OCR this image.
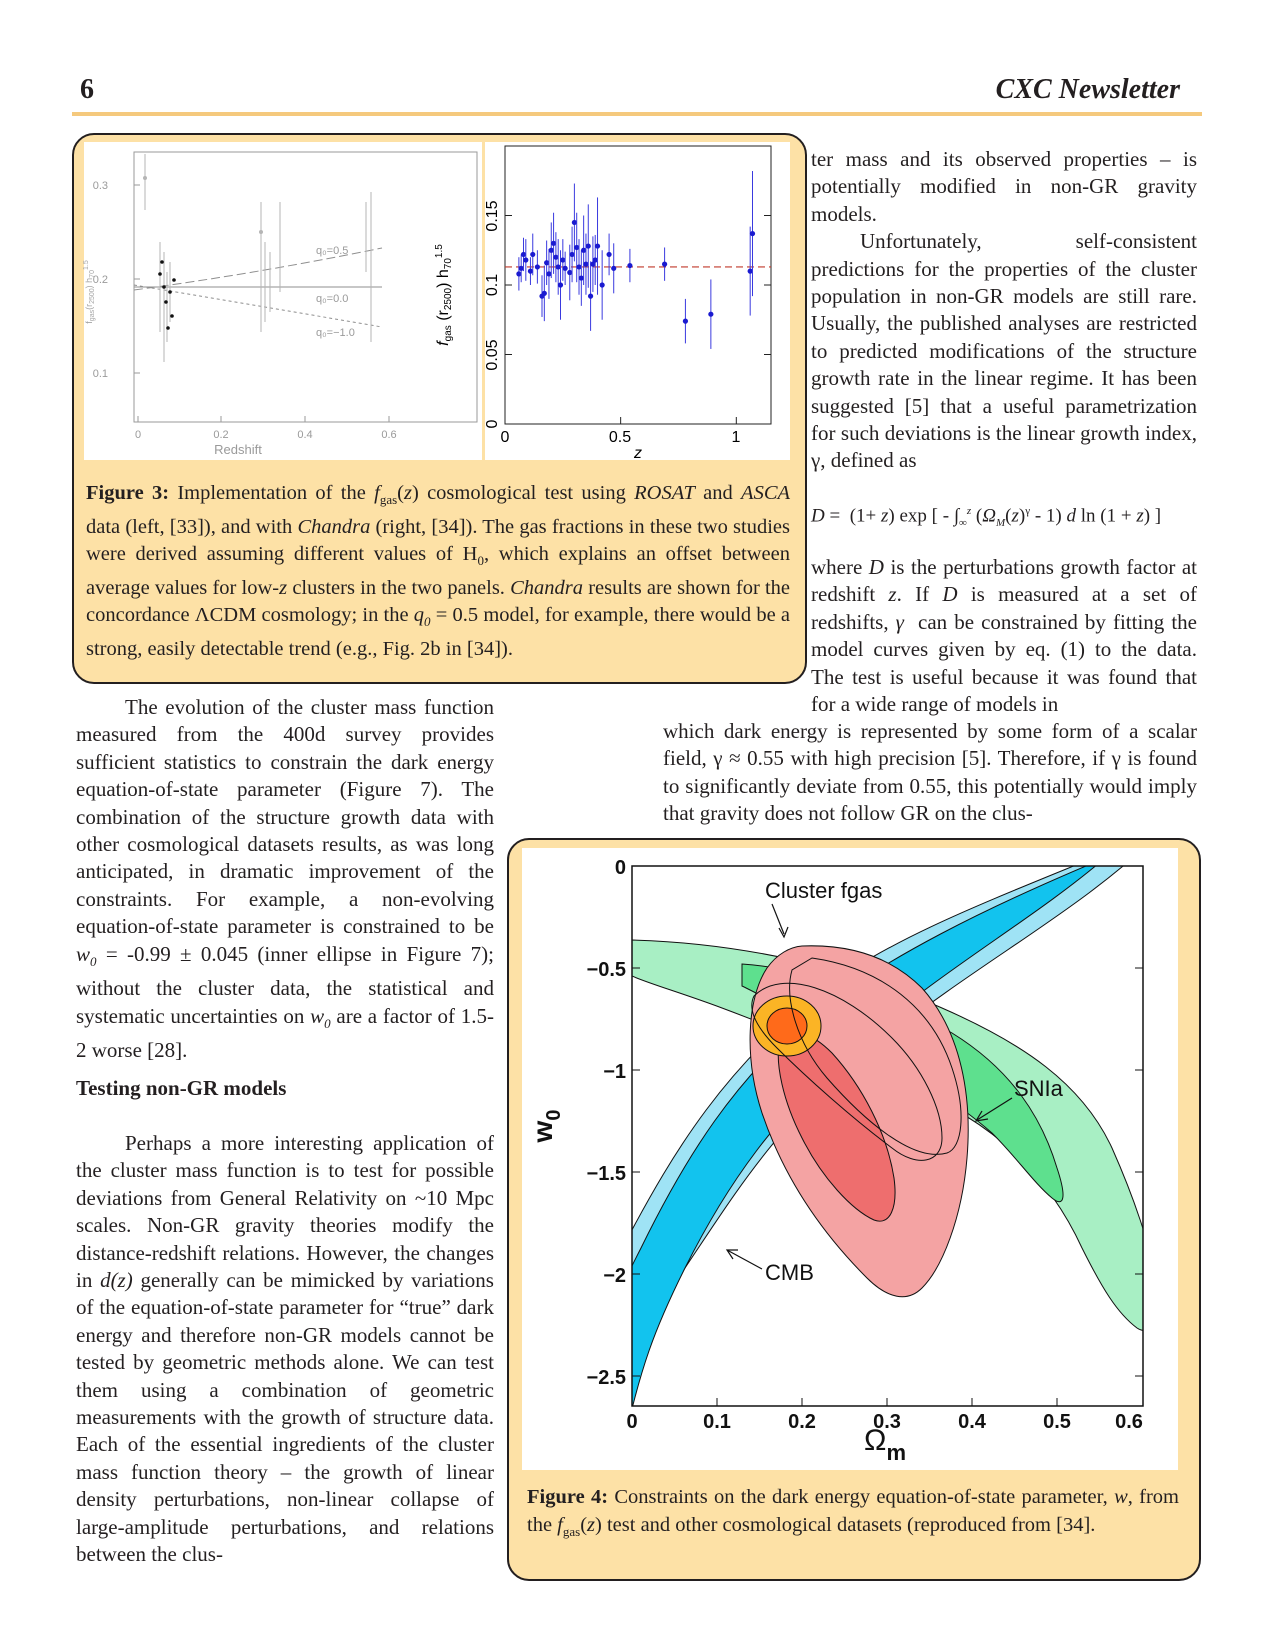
6	CXC Newsletter
0	0.2	0.4	0.6
0.1
0.2
0.3
Redshift
$f_{gas}(r_{2500})$ $h_{70}^{1.5}$
q₀=0.5
q₀=0.0
q₀=−1.0
0	0.5	1
z
0
0.05
0.1
0.15
fgas (r2500) $h70^{1.5}$
Figure 3: Implementation of the $f_{gas}(z)$ cosmological test using ROSAT and ASCA data (left, [33]), and with Chandra (right, [34]). The gas fractions in these two studies were derived assuming different values of $H_0$, which explains an offset between average values for low-z clusters in the two panels. Chandra results are shown for the concordance ΛCDM cosmology; in the $q_0 = 0.5$ model, for example, there would be a strong, easily detectable trend (e.g., Fig. 2b in [34]).

ter mass and its observed properties – is potentially modified in non-GR gravity models.

Unfortunately, self-consistent predictions for the properties of the cluster population in non-GR models are still rare. Usually, the published analyses are restricted to predicted modifications of the structure growth rate in the linear regime. It has been suggested [5] that a useful parametrization for such deviations is the linear growth index, γ, defined as

D =  (1+ z) exp [ - $\int_\infty^z$ $(\Omega_M(z)^\gamma - 1)$ d ln (1 + z) ]

where D is the perturbations growth factor at redshift z. If D is measured at a set of redshifts, γ  can be constrained by fitting the model curves given by eq. (1) to the data. The test is useful because it was found that for a wide range of models in

which dark energy is represented by some form of a scalar field, γ ≈ 0.55 with high precision [5]. Therefore, if γ is found to significantly deviate from 0.55, this potentially would imply that gravity does not follow GR on the clus-

The evolution of the cluster mass function measured from the 400d survey provides sufficient statistics to constrain the dark energy equation-of-state parameter (Figure 7). The combination of the structure growth data with other cosmological datasets results, as was long anticipated, in dramatic improvement of the constraints. For example, a non-evolving equation-of-state parameter is constrained to be $w_0 = -0.99 \pm 0.045$ (inner ellipse in Figure 7); without the cluster data, the statistical and systematic uncertainties on $w_0$ are a factor of 1.5-2 worse [28].

Testing non-GR models

Perhaps a more interesting application of the cluster mass function is to test for possible deviations from General Relativity on ~10 Mpc scales. Non-GR gravity theories modify the distance-redshift relations. However, the changes in d(z) generally can be mimicked by variations of the equation-of-state parameter for “true” dark energy and therefore non-GR models cannot be tested by geometric methods alone. We can test them using a combination of geometric measurements with the growth of structure data. Each of the essential ingredients of the cluster mass function theory – the growth of linear density perturbations, non-linear collapse of large-amplitude perturbations, and relations between the clus-

0
−0.5
−1
−1.5
−2
−2.5
0	0.1	0.2	0.3	0.4	0.5 0.6
$\Omega_m$
$w_0$
Cluster fgas
SNIa
CMB
Figure 4: Constraints on the dark energy equation-of-state parameter, w, from the $f_{gas}(z)$ test and other cosmological datasets (reproduced from [34].
